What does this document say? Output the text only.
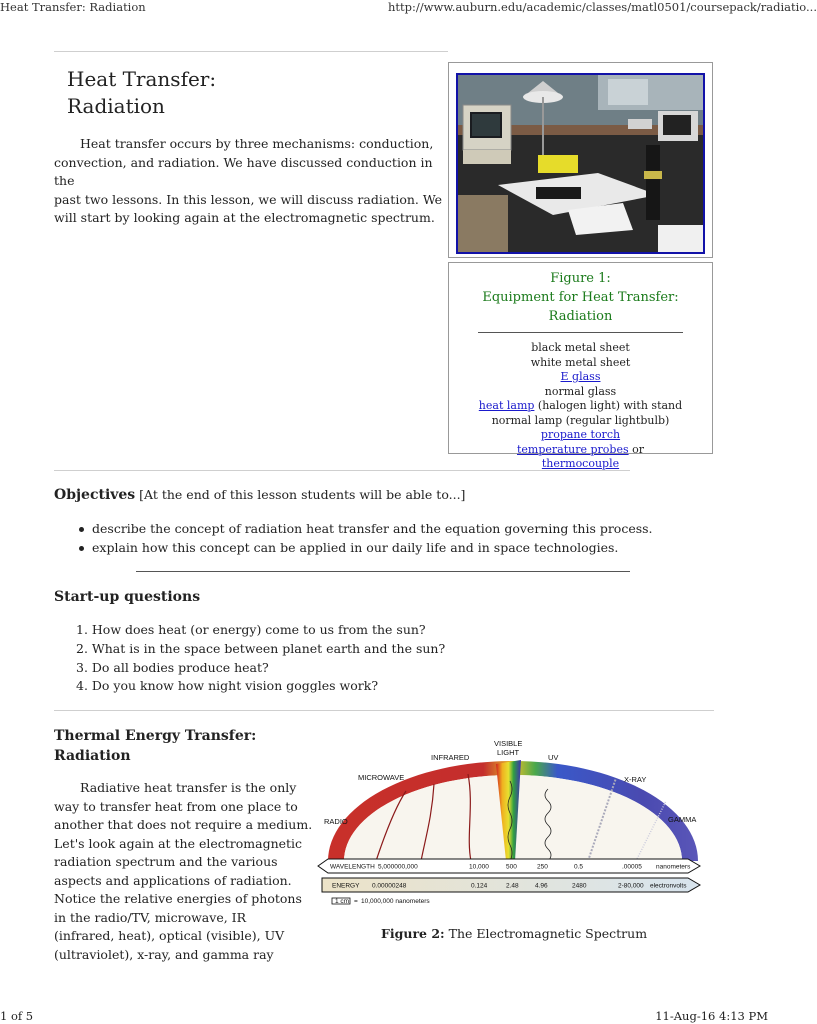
Heat Transfer: Radiation	http://www.auburn.edu/academic/classes/matl0501/coursepack/radiatio...
Heat Transfer:
Radiation
Heat transfer occurs by three mechanisms: conduction,
convection, and radiation. We have discussed conduction in the
past two lessons. In this lesson, we will discuss radiation. We
will start by looking again at the electromagnetic spectrum.
Figure 1:
Equipment for Heat Transfer: Radiation
black metal sheet
white metal sheet
E glass
normal glass
heat lamp (halogen light) with stand
normal lamp (regular lightbulb)
propane torch
temperature probes or
thermocouple
Objectives [At the end of this lesson students will be able to...]
describe the concept of radiation heat transfer and the equation governing this process.
explain how this concept can be applied in our daily life and in space technologies.
Start-up questions
1. How does heat (or energy) come to us from the sun?
2. What is in the space between planet earth and the sun?
3. Do all bodies produce heat?
4. Do you know how night vision goggles work?
Thermal Energy Transfer:
Radiation
Radiative heat transfer is the only
way to transfer heat from one place to
another that does not require a medium.
Let's look again at the electromagnetic
radiation spectrum and the various
aspects and applications of radiation.
Notice the relative energies of photons
in the radio/TV, microwave, IR
(infrared, heat), optical (visible), UV
(ultraviolet), x-ray, and gamma ray
RADIO
MICROWAVE
INFRARED
VISIBLE
LIGHT
UV
X-RAY
GAMMA
WAVELENGTH 5,000000,000	10,000	500	250	0.5	.00005 nanometers
ENERGY 0.00000248	0.124	2.48	4.96	2480	2-80,000 electronvolts
1 cm = 10,000,000 nanometers
Figure 2: The Electromagnetic Spectrum
1 of 5	11-Aug-16 4:13 PM
